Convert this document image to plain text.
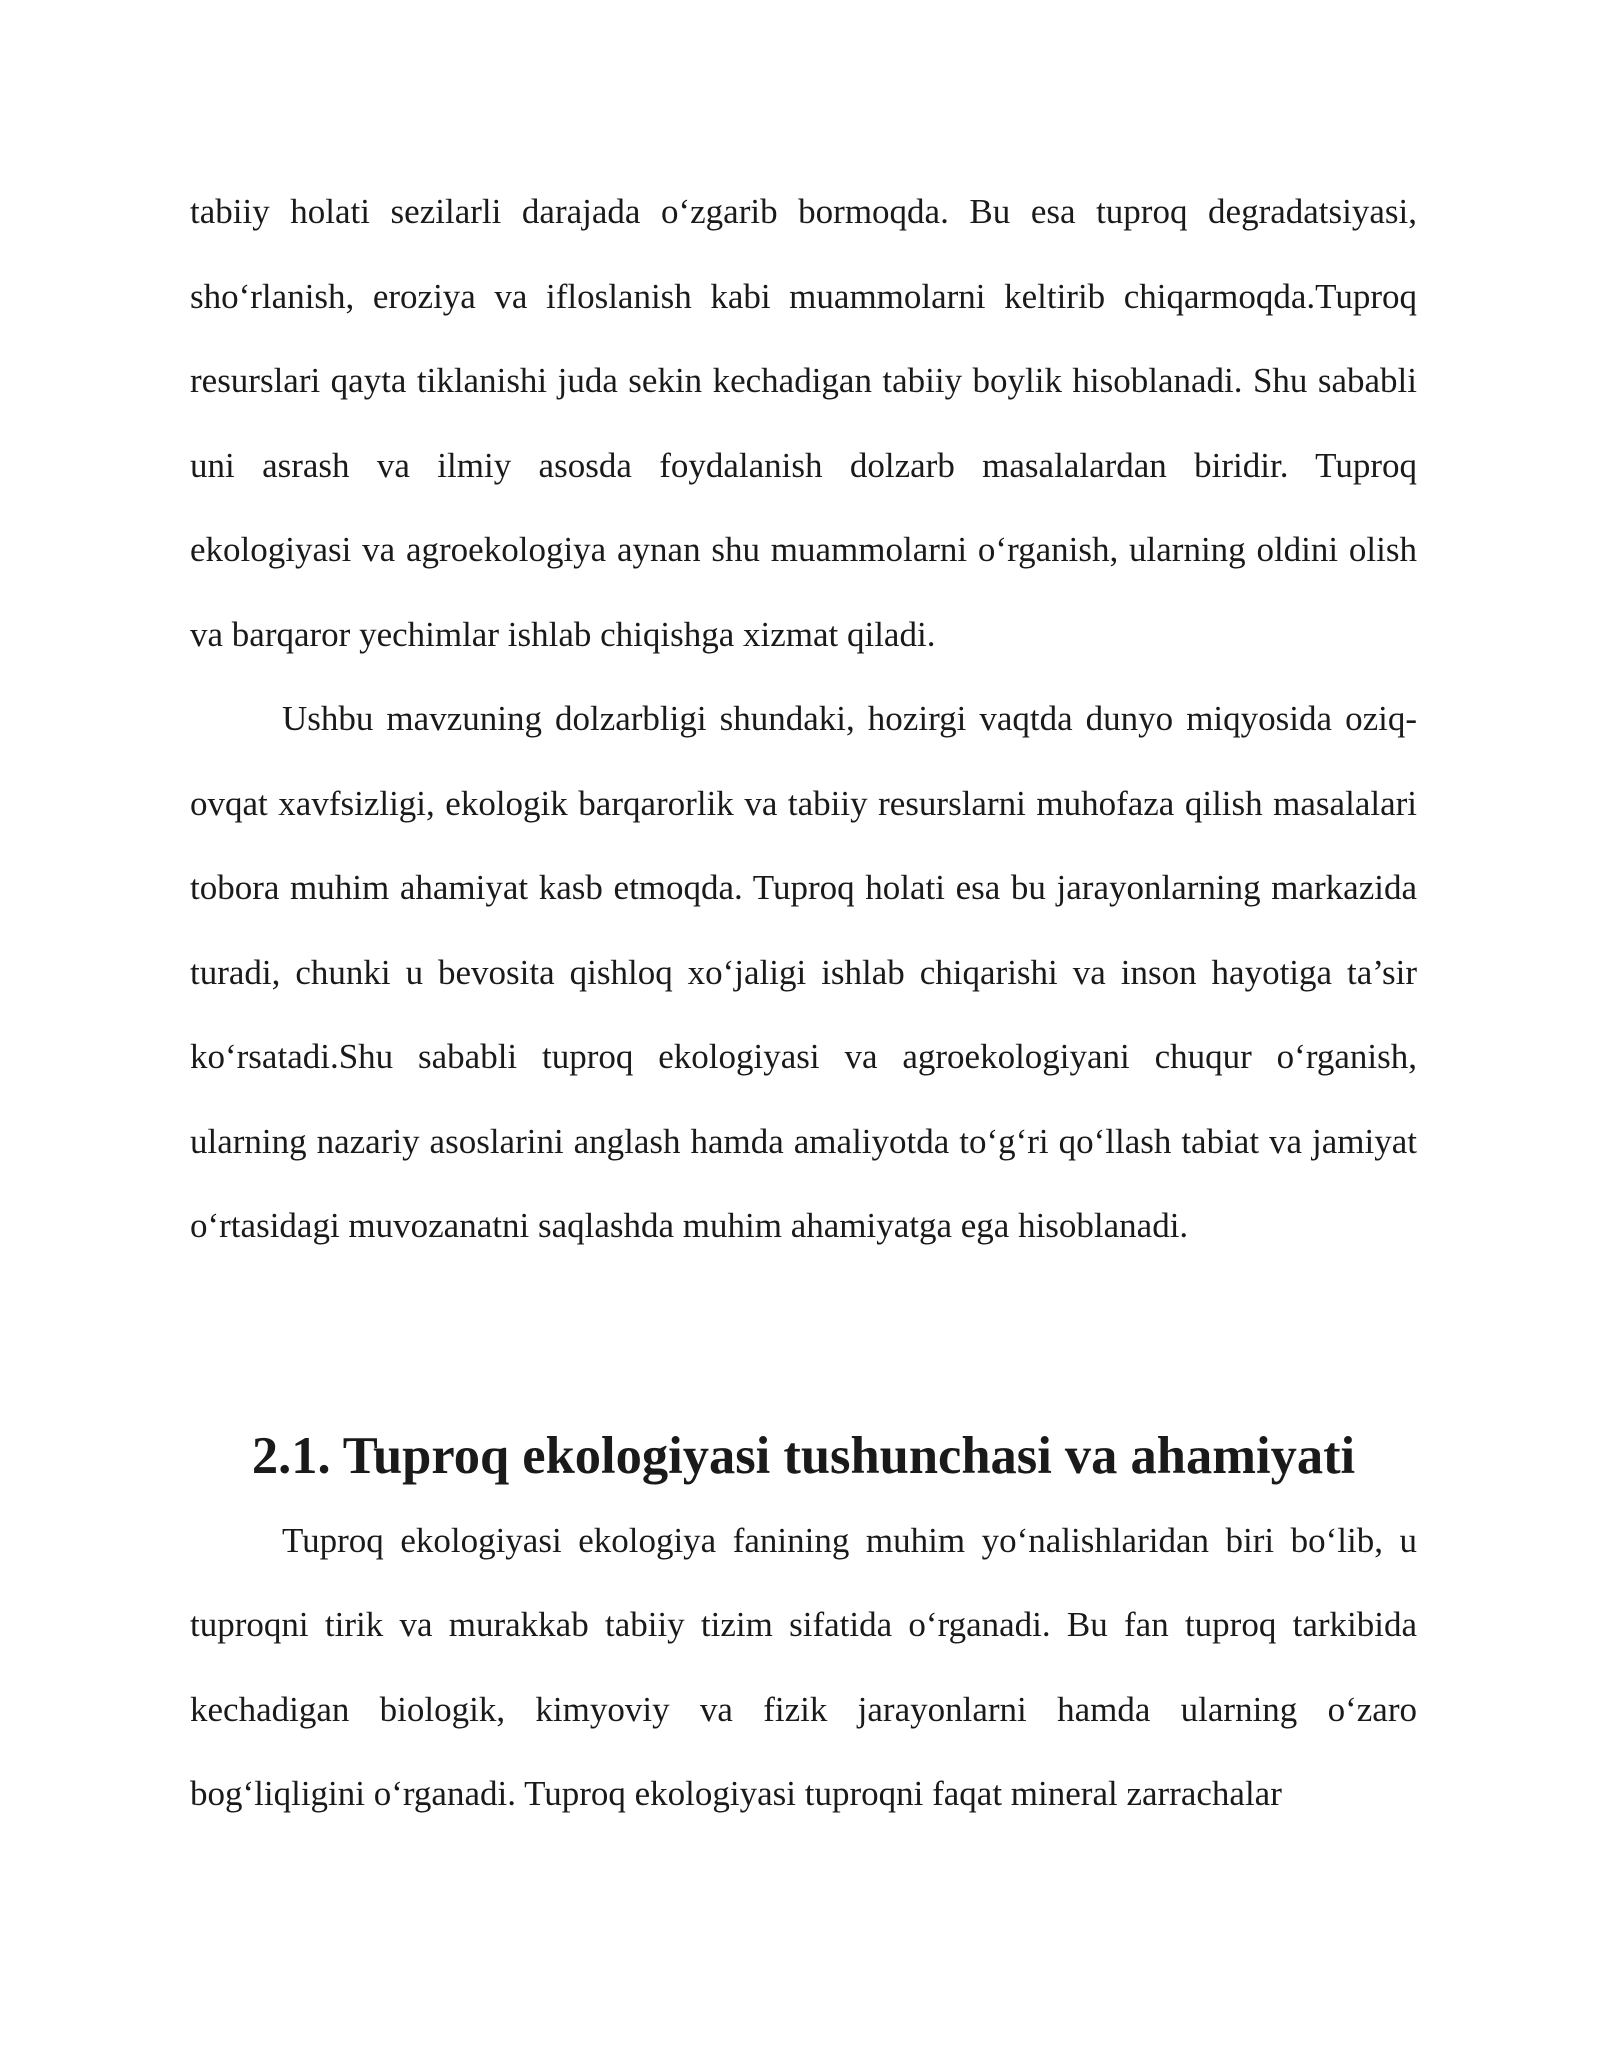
tabiiy holati sezilarli darajada o‘zgarib bormoqda. Bu esa tuproq degradatsiyasi, sho‘rlanish, eroziya va ifloslanish kabi muammolarni keltirib chiqarmoqda.Tuproq resurslari qayta tiklanishi juda sekin kechadigan tabiiy boylik hisoblanadi. Shu sababli uni asrash va ilmiy asosda foydalanish dolzarb masalalardan biridir. Tuproq ekologiyasi va agroekologiya aynan shu muammolarni o‘rganish, ularning oldini olish va barqaror yechimlar ishlab chiqishga xizmat qiladi.

Ushbu mavzuning dolzarbligi shundaki, hozirgi vaqtda dunyo miqyosida oziq-ovqat xavfsizligi, ekologik barqarorlik va tabiiy resurslarni muhofaza qilish masalalari tobora muhim ahamiyat kasb etmoqda. Tuproq holati esa bu jarayonlarning markazida turadi, chunki u bevosita qishloq xo‘jaligi ishlab chiqarishi va inson hayotiga ta’sir ko‘rsatadi.Shu sababli tuproq ekologiyasi va agroekologiyani chuqur o‘rganish, ularning nazariy asoslarini anglash hamda amaliyotda to‘g‘ri qo‘llash tabiat va jamiyat o‘rtasidagi muvozanatni saqlashda muhim ahamiyatga ega hisoblanadi.

2.1. Tuproq ekologiyasi tushunchasi va ahamiyati

Tuproq ekologiyasi ekologiya fanining muhim yo‘nalishlaridan biri bo‘lib, u tuproqni tirik va murakkab tabiiy tizim sifatida o‘rganadi. Bu fan tuproq tarkibida kechadigan biologik, kimyoviy va fizik jarayonlarni hamda ularning o‘zaro bog‘liqligini o‘rganadi. Tuproq ekologiyasi tuproqni faqat mineral zarrachalar
